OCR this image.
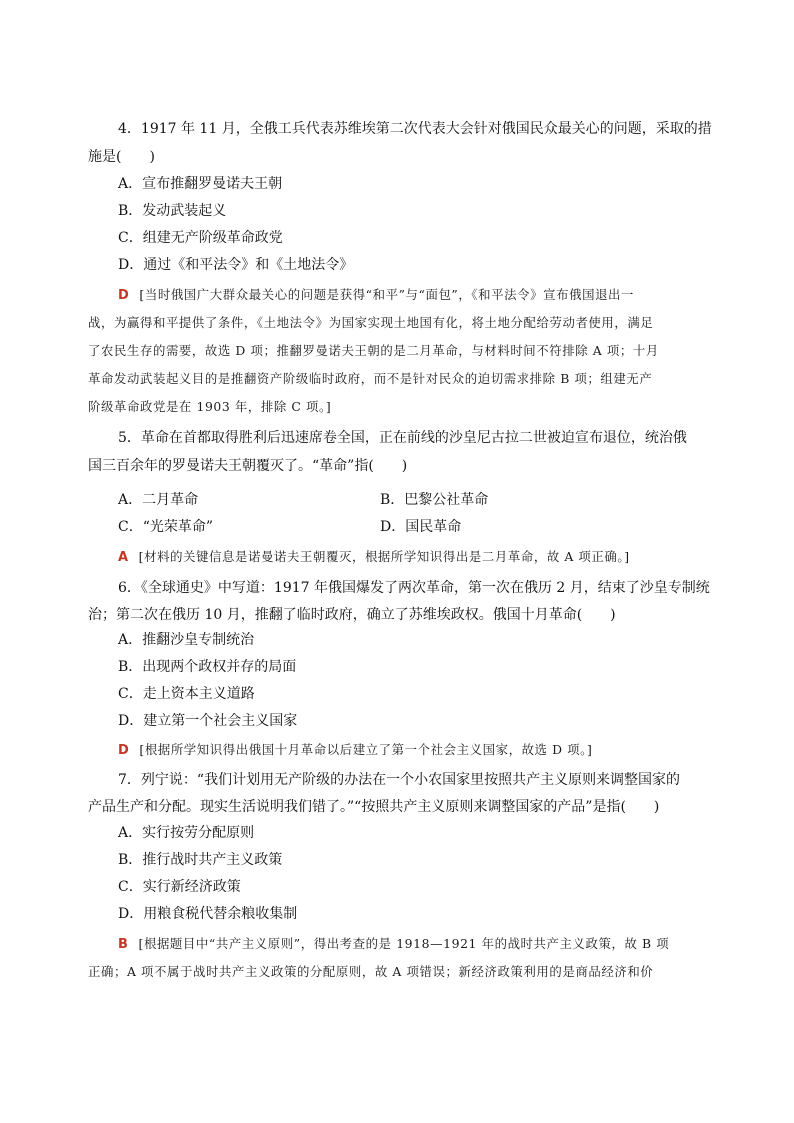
4．1917 年 11 月，全俄工兵代表苏维埃第二次代表大会针对俄国民众最关心的问题，采取的措
施是(　　)
A．宣布推翻罗曼诺夫王朝
B．发动武装起义
C．组建无产阶级革命政党
D．通过《和平法令》和《土地法令》
D [当时俄国广大群众最关心的问题是获得“和平”与“面包”，《和平法令》宣布俄国退出一
战，为赢得和平提供了条件，《土地法令》为国家实现土地国有化，将土地分配给劳动者使用，满足
了农民生存的需要，故选 D 项；推翻罗曼诺夫王朝的是二月革命，与材料时间不符排除 A 项；十月
革命发动武装起义目的是推翻资产阶级临时政府，而不是针对民众的迫切需求排除 B 项；组建无产
阶级革命政党是在 1903 年，排除 C 项。]
5．革命在首都取得胜利后迅速席卷全国，正在前线的沙皇尼古拉二世被迫宣布退位，统治俄
国三百余年的罗曼诺夫王朝覆灭了。“革命”指(　　)
A．二月革命	B．巴黎公社革命
C．“光荣革命”	D．国民革命
A [材料的关键信息是诺曼诺夫王朝覆灭，根据所学知识得出是二月革命，故 A 项正确。]
6．《全球通史》中写道：1917 年俄国爆发了两次革命，第一次在俄历 2 月，结束了沙皇专制统
治；第二次在俄历 10 月，推翻了临时政府，确立了苏维埃政权。俄国十月革命(　　)
A．推翻沙皇专制统治
B．出现两个政权并存的局面
C．走上资本主义道路
D．建立第一个社会主义国家
D [根据所学知识得出俄国十月革命以后建立了第一个社会主义国家，故选 D 项。]
7．列宁说：“我们计划用无产阶级的办法在一个小农国家里按照共产主义原则来调整国家的
产品生产和分配。现实生活说明我们错了。”“按照共产主义原则来调整国家的产品”是指(　　)
A．实行按劳分配原则
B．推行战时共产主义政策
C．实行新经济政策
D．用粮食税代替余粮收集制
B [根据题目中“共产主义原则”，得出考查的是 1918—1921 年的战时共产主义政策，故 B 项
正确；A 项不属于战时共产主义政策的分配原则，故 A 项错误；新经济政策利用的是商品经济和价
